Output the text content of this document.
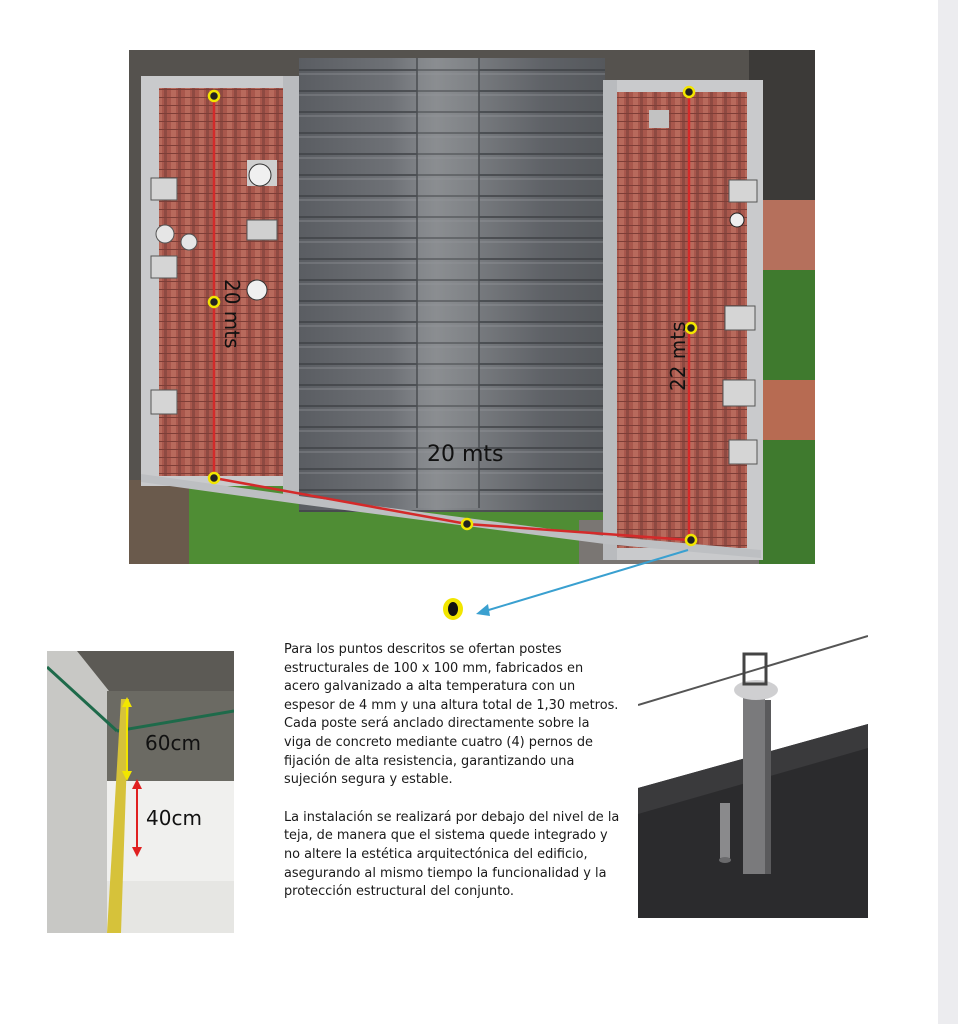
20 mts
22 mts
20 mts
60cm
40cm

Para los puntos descritos se ofertan postes estructurales de 100 x 100 mm, fabricados en acero galvanizado a alta temperatura con un espesor de 4 mm y una altura total de 1,30 metros. Cada poste será anclado directamente sobre la viga de concreto mediante cuatro (4) pernos de fijación de alta resistencia, garantizando una sujeción segura y estable.

La instalación se realizará por debajo del nivel de la teja, de manera que el sistema quede integrado y no altere la estética arquitectónica del edificio, asegurando al mismo tiempo la funcionalidad y la protección estructural del conjunto.
